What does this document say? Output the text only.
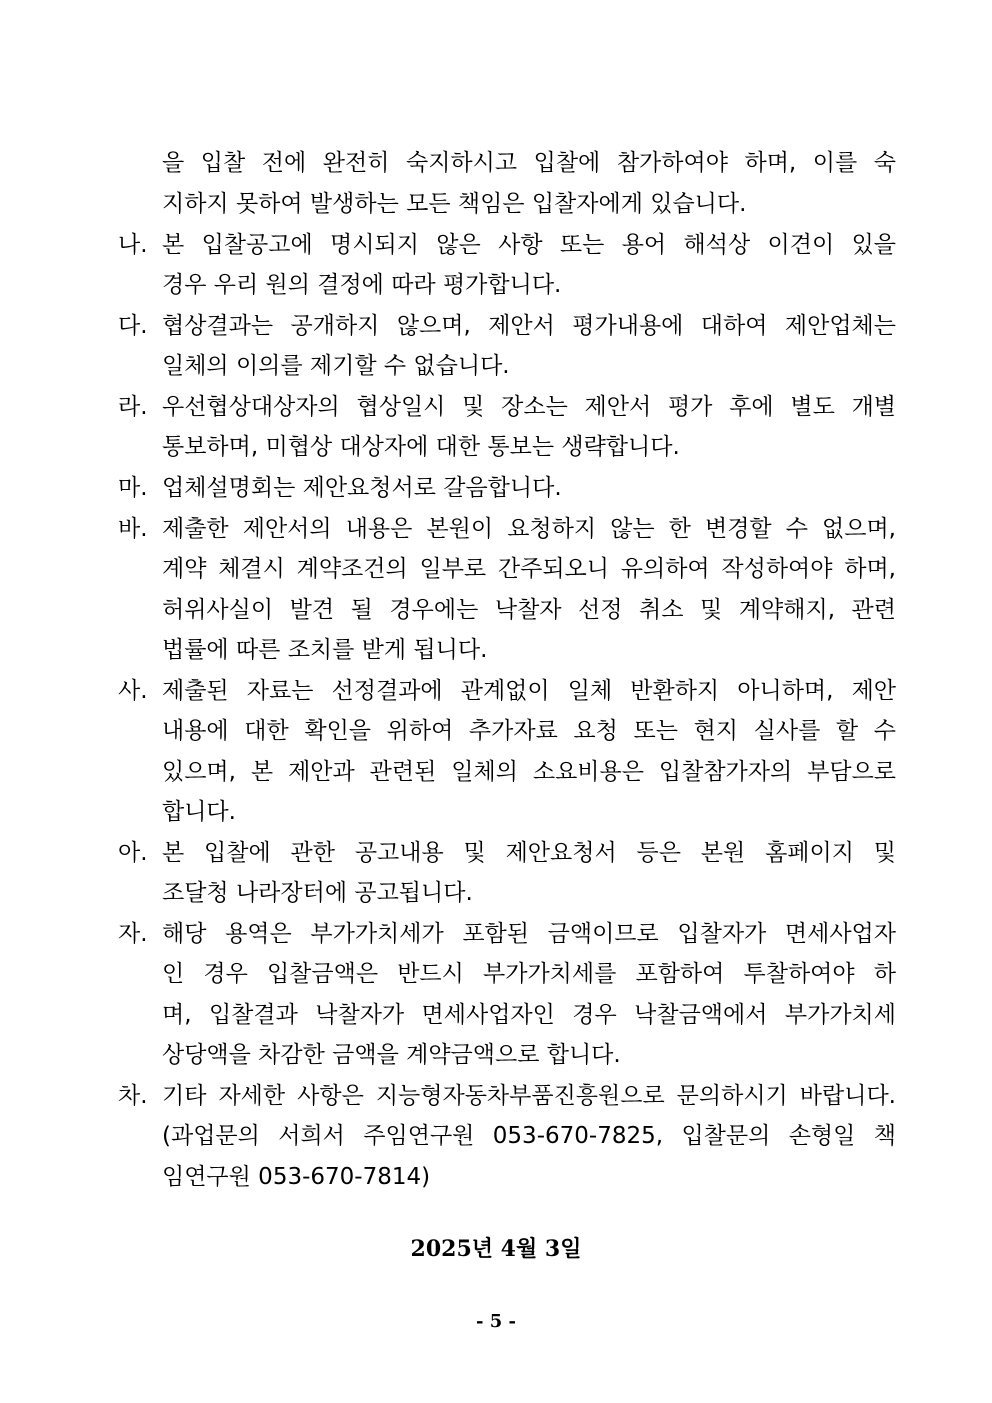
을 입찰 전에 완전히 숙지하시고 입찰에 참가하여야 하며, 이를 숙
지하지 못하여 발생하는 모든 책임은 입찰자에게 있습니다.
나. 본 입찰공고에 명시되지 않은 사항 또는 용어 해석상 이견이 있을
경우 우리 원의 결정에 따라 평가합니다.
다. 협상결과는 공개하지 않으며, 제안서 평가내용에 대하여 제안업체는
일체의 이의를 제기할 수 없습니다.
라. 우선협상대상자의 협상일시 및 장소는 제안서 평가 후에 별도 개별
통보하며, 미협상 대상자에 대한 통보는 생략합니다.
마. 업체설명회는 제안요청서로 갈음합니다.
바. 제출한 제안서의 내용은 본원이 요청하지 않는 한 변경할 수 없으며,
계약 체결시 계약조건의 일부로 간주되오니 유의하여 작성하여야 하며,
허위사실이 발견 될 경우에는 낙찰자 선정 취소 및 계약해지, 관련
법률에 따른 조치를 받게 됩니다.
사. 제출된 자료는 선정결과에 관계없이 일체 반환하지 아니하며, 제안
내용에 대한 확인을 위하여 추가자료 요청 또는 현지 실사를 할 수
있으며, 본 제안과 관련된 일체의 소요비용은 입찰참가자의 부담으로
합니다.
아. 본 입찰에 관한 공고내용 및 제안요청서 등은 본원 홈페이지 및
조달청 나라장터에 공고됩니다.
자. 해당 용역은 부가가치세가 포함된 금액이므로 입찰자가 면세사업자
인 경우 입찰금액은 반드시 부가가치세를 포함하여 투찰하여야 하
며, 입찰결과 낙찰자가 면세사업자인 경우 낙찰금액에서 부가가치세
상당액을 차감한 금액을 계약금액으로 합니다.
차. 기타 자세한 사항은 지능형자동차부품진흥원으로 문의하시기 바랍니다.
(과업문의 서희서 주임연구원 053-670-7825, 입찰문의 손형일 책
임연구원 053-670-7814)
2025년 4월 3일
- 5 -
